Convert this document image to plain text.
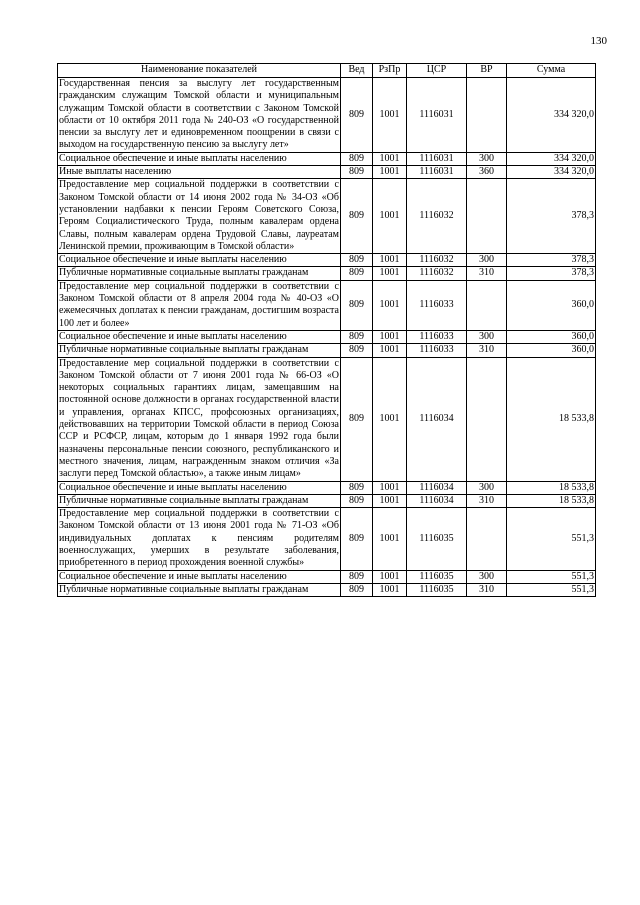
130
Наименование показателей	Вед	РзПр	ЦСР	ВР	Сумма
Государственная пенсия за выслугу лет государственным гражданским служащим Томской области и муниципальным служащим Томской области в соответствии с Законом Томской области от 10 октября 2011 года № 240-ОЗ «О государственной пенсии за выслугу лет и единовременном поощрении в связи с выходом на государственную пенсию за выслугу лет»	809	1001	1116031		334 320,0
Социальное обеспечение и иные выплаты населению	809	1001	1116031	300	334 320,0
Иные выплаты населению	809	1001	1116031	360	334 320,0
Предоставление мер социальной поддержки в соответствии с Законом Томской области от 14 июня 2002 года № 34-ОЗ «Об установлении надбавки к пенсии Героям Советского Союза, Героям Социалистического Труда, полным кавалерам ордена Славы, полным кавалерам ордена Трудовой Славы, лауреатам Ленинской премии, проживающим в Томской области»	809	1001	1116032		378,3
Социальное обеспечение и иные выплаты населению	809	1001	1116032	300	378,3
Публичные нормативные социальные выплаты гражданам	809	1001	1116032	310	378,3
Предоставление мер социальной поддержки в соответствии с Законом Томской области от 8 апреля 2004 года № 40-ОЗ «О ежемесячных доплатах к пенсии гражданам, достигшим возраста 100 лет и более»	809	1001	1116033		360,0
Социальное обеспечение и иные выплаты населению	809	1001	1116033	300	360,0
Публичные нормативные социальные выплаты гражданам	809	1001	1116033	310	360,0
Предоставление мер социальной поддержки в соответствии с Законом Томской области от 7 июня 2001 года № 66-ОЗ «О некоторых социальных гарантиях лицам, замещавшим на постоянной основе должности в органах государственной власти и управления, органах КПСС, профсоюзных организациях, действовавших на территории Томской области в период Союза ССР и РСФСР, лицам, которым до 1 января 1992 года были назначены персональные пенсии союзного, республиканского и местного значения, лицам, награжденным знаком отличия «За заслуги перед Томской областью», а также иным лицам»	809	1001	1116034		18 533,8
Социальное обеспечение и иные выплаты населению	809	1001	1116034	300	18 533,8
Публичные нормативные социальные выплаты гражданам	809	1001	1116034	310	18 533,8
Предоставление мер социальной поддержки в соответствии с Законом Томской области от 13 июня 2001 года № 71-ОЗ «Об индивидуальных доплатах к пенсиям родителям военнослужащих, умерших в результате заболевания, приобретенного в период прохождения военной службы»	809	1001	1116035		551,3
Социальное обеспечение и иные выплаты населению	809	1001	1116035	300	551,3
Публичные нормативные социальные выплаты гражданам	809	1001	1116035	310	551,3
